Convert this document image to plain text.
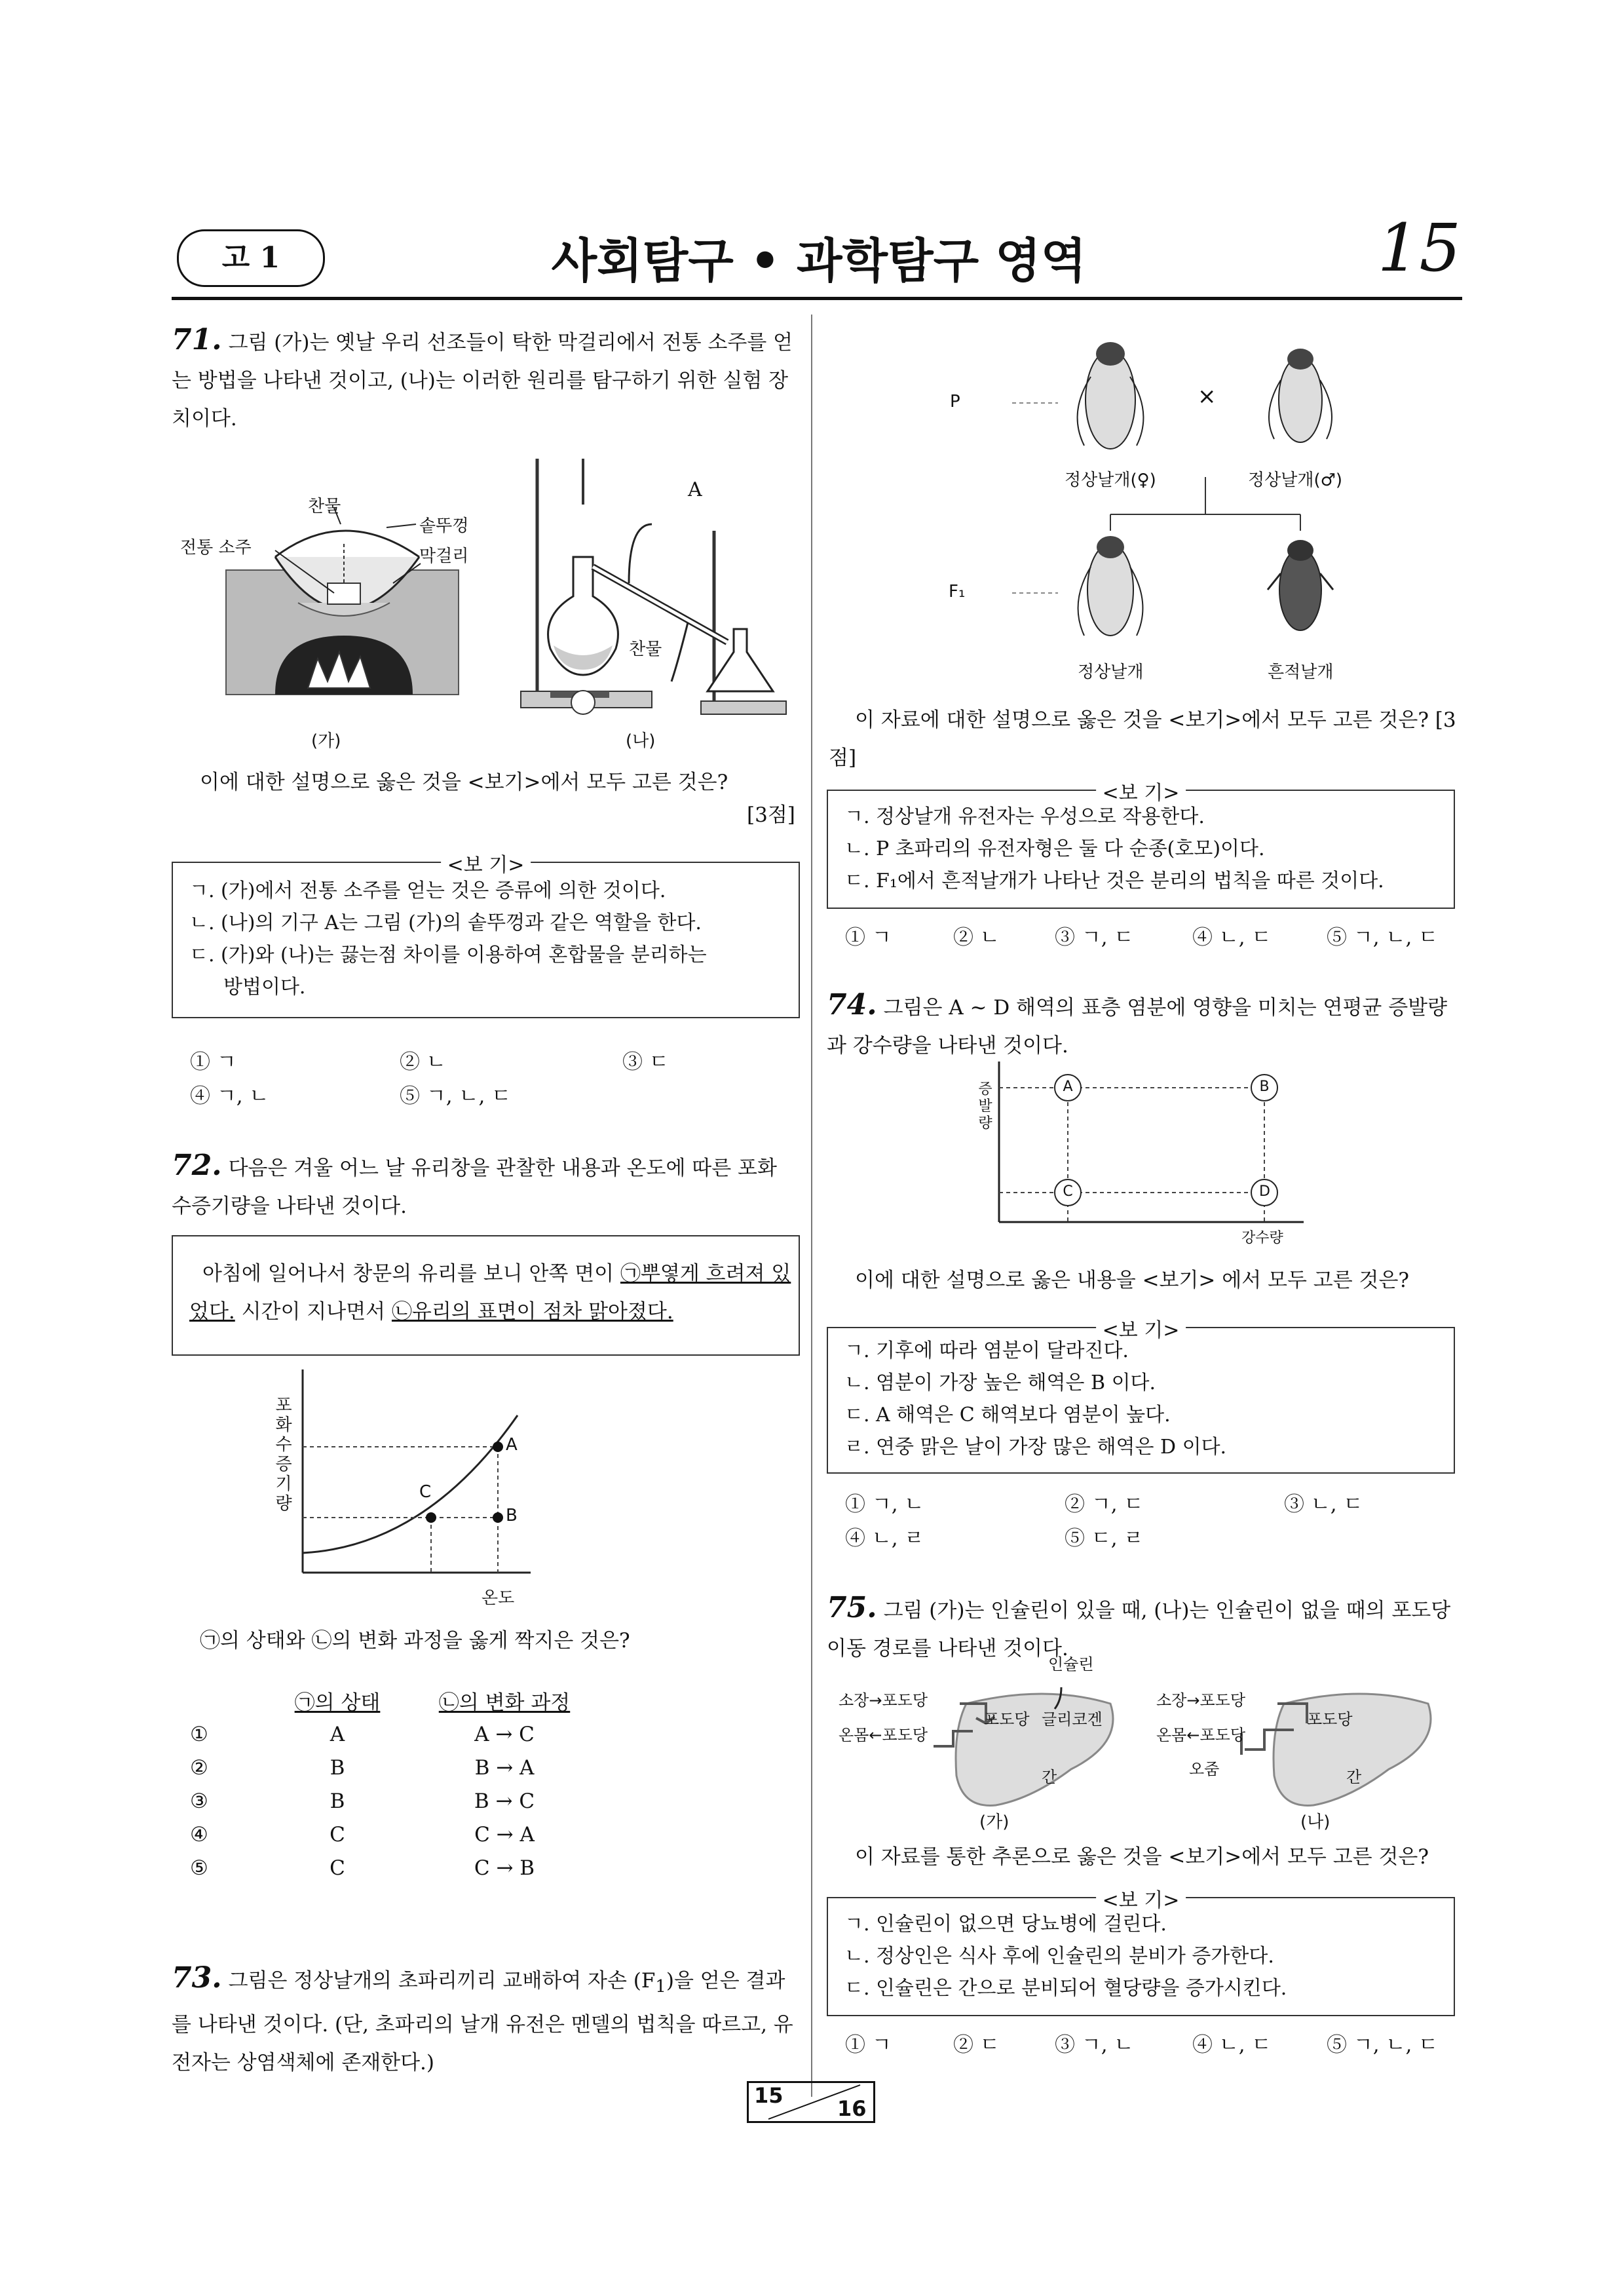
고 1	사회탐구 • 과학탐구 영역	15
71. 그림 (가)는 옛날 우리 선조들이 탁한 막걸리에서 전통 소주를 얻는 방법을 나타낸 것이고, (나)는 이러한 원리를 탐구하기 위한 실험 장치이다.
찬물
솥뚜껑
전통 소주	막걸리
A
찬물
(가)	(나)
이에 대한 설명으로 옳은 것을 <보기>에서 모두 고른 것은?
[3점]
<보 기>
ㄱ. (가)에서 전통 소주를 얻는 것은 증류에 의한 것이다.
ㄴ. (나)의 기구 A는 그림 (가)의 솥뚜껑과 같은 역할을 한다.
ㄷ. (가)와 (나)는 끓는점 차이를 이용하여 혼합물을 분리하는
방법이다.
① ㄱ	② ㄴ	③ ㄷ
④ ㄱ, ㄴ	⑤ ㄱ, ㄴ, ㄷ
72. 다음은 겨울 어느 날 유리창을 관찰한 내용과 온도에 따른 포화 수증기량을 나타낸 것이다.
아침에 일어나서 창문의 유리를 보니 안쪽 면이 ㉠뿌옇게 흐려져 있었다. 시간이 지나면서 ㉡유리의 표면이 점차 맑아졌다.
포화수증기량
온도
A
B
C
㉠의 상태와 ㉡의 변화 과정을 옳게 짝지은 것은?
	㉠의 상태	㉡의 변화 과정
①	A	A → C
②	B	B → A
③	B	B → C
④	C	C → A
⑤	C	C → B
73. 그림은 정상날개의 초파리끼리 교배하여 자손 $(F_1)$을 얻은 결과를 나타낸 것이다. (단, 초파리의 날개 유전은 멘델의 법칙을 따르고, 유전자는 상염색체에 존재한다.)
P	×
정상날개(♀)	정상날개(♂)
F₁
정상날개	흔적날개
이 자료에 대한 설명으로 옳은 것을 <보기>에서 모두 고른 것은? [3점]
<보 기>
ㄱ. 정상날개 유전자는 우성으로 작용한다.
ㄴ. P 초파리의 유전자형은 둘 다 순종(호모)이다.
ㄷ. F₁에서 흔적날개가 나타난 것은 분리의 법칙을 따른 것이다.
① ㄱ	② ㄴ	③ ㄱ, ㄷ	④ ㄴ, ㄷ	⑤ ㄱ, ㄴ, ㄷ
74. 그림은 A ~ D 해역의 표층 염분에 영향을 미치는 연평균 증발량과 강수량을 나타낸 것이다.
A	B
C	D
증발량
강수량
이에 대한 설명으로 옳은 내용을 <보기> 에서 모두 고른 것은?
<보 기>
ㄱ. 기후에 따라 염분이 달라진다.
ㄴ. 염분이 가장 높은 해역은 B 이다.
ㄷ. A 해역은 C 해역보다 염분이 높다.
ㄹ. 연중 맑은 날이 가장 많은 해역은 D 이다.
① ㄱ, ㄴ	② ㄱ, ㄷ	③ ㄴ, ㄷ
④ ㄴ, ㄹ	⑤ ㄷ, ㄹ
75. 그림 (가)는 인슐린이 있을 때, (나)는 인슐린이 없을 때의 포도당 이동 경로를 나타낸 것이다.
인슐린
소장→포도당
온몸←포도당
포도당 글리코겐
간
소장→포도당
온몸←포도당
오줌
포도당
간
(가)	(나)
이 자료를 통한 추론으로 옳은 것을 <보기>에서 모두 고른 것은?
<보 기>
ㄱ. 인슐린이 없으면 당뇨병에 걸린다.
ㄴ. 정상인은 식사 후에 인슐린의 분비가 증가한다.
ㄷ. 인슐린은 간으로 분비되어 혈당량을 증가시킨다.
① ㄱ	② ㄷ	③ ㄱ, ㄴ	④ ㄴ, ㄷ	⑤ ㄱ, ㄴ, ㄷ
15
16
